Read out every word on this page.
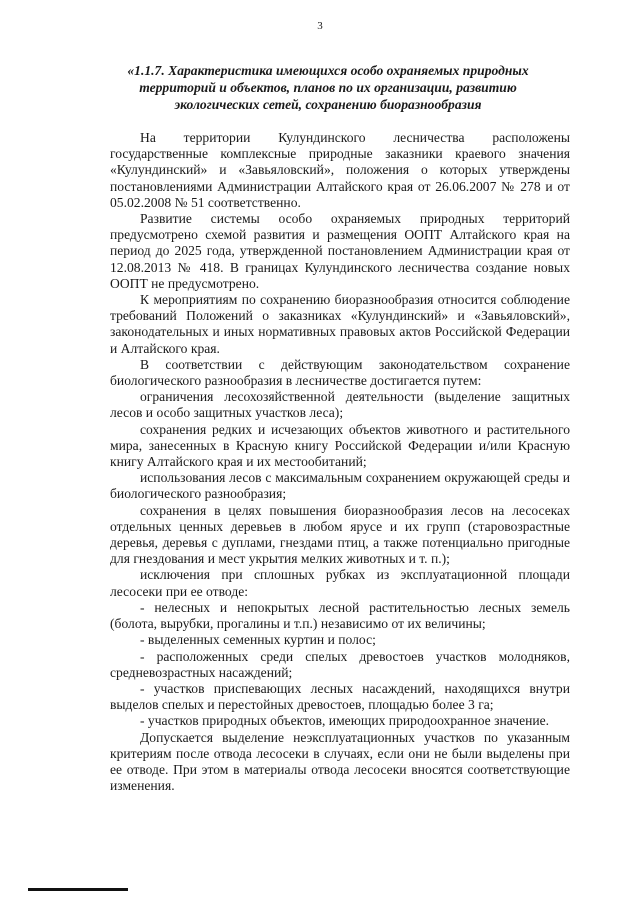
3
«1.1.7. Характеристика имеющихся особо охраняемых природных территорий и объектов, планов по их организации, развитию экологических сетей, сохранению биоразнообразия

На территории Кулундинского лесничества расположены государственные комплексные природные заказники краевого значения «Кулундинский» и «Завьяловский», положения о которых утверждены постановлениями Администрации Алтайского края от 26.06.2007 № 278 и от 05.02.2008 № 51 соответственно.

Развитие системы особо охраняемых природных территорий предусмотрено схемой развития и размещения ООПТ Алтайского края на период до 2025 года, утвержденной постановлением Администрации края от 12.08.2013 № 418. В границах Кулундинского лесничества создание новых ООПТ не предусмотрено.

К мероприятиям по сохранению биоразнообразия относится соблюдение требований Положений о заказниках «Кулундинский» и «Завьяловский», законодательных и иных нормативных правовых актов Российской Федерации и Алтайского края.

В соответствии с действующим законодательством сохранение биологического разнообразия в лесничестве достигается путем:

ограничения лесохозяйственной деятельности (выделение защитных лесов и особо защитных участков леса);

сохранения редких и исчезающих объектов животного и растительного мира, занесенных в Красную книгу Российской Федерации и/или Красную книгу Алтайского края и их местообитаний;

использования лесов с максимальным сохранением окружающей среды и биологического разнообразия;

сохранения в целях повышения биоразнообразия лесов на лесосеках отдельных ценных деревьев в любом ярусе и их групп (старовозрастные деревья, деревья с дуплами, гнездами птиц, а также потенциально пригодные для гнездования и мест укрытия мелких животных и т. п.);

исключения при сплошных рубках из эксплуатационной площади лесосеки при ее отводе:

- нелесных и непокрытых лесной растительностью лесных земель (болота, вырубки, прогалины и т.п.) независимо от их величины;

- выделенных семенных куртин и полос;

- расположенных среди спелых древостоев участков молодняков, средневозрастных насаждений;

- участков приспевающих лесных насаждений, находящихся внутри выделов спелых и перестойных древостоев, площадью более 3 га;

- участков природных объектов, имеющих природоохранное значение.

Допускается выделение неэксплуатационных участков по указанным критериям после отвода лесосеки в случаях, если они не были выделены при ее отводе. При этом в материалы отвода лесосеки вносятся соответствующие изменения.
